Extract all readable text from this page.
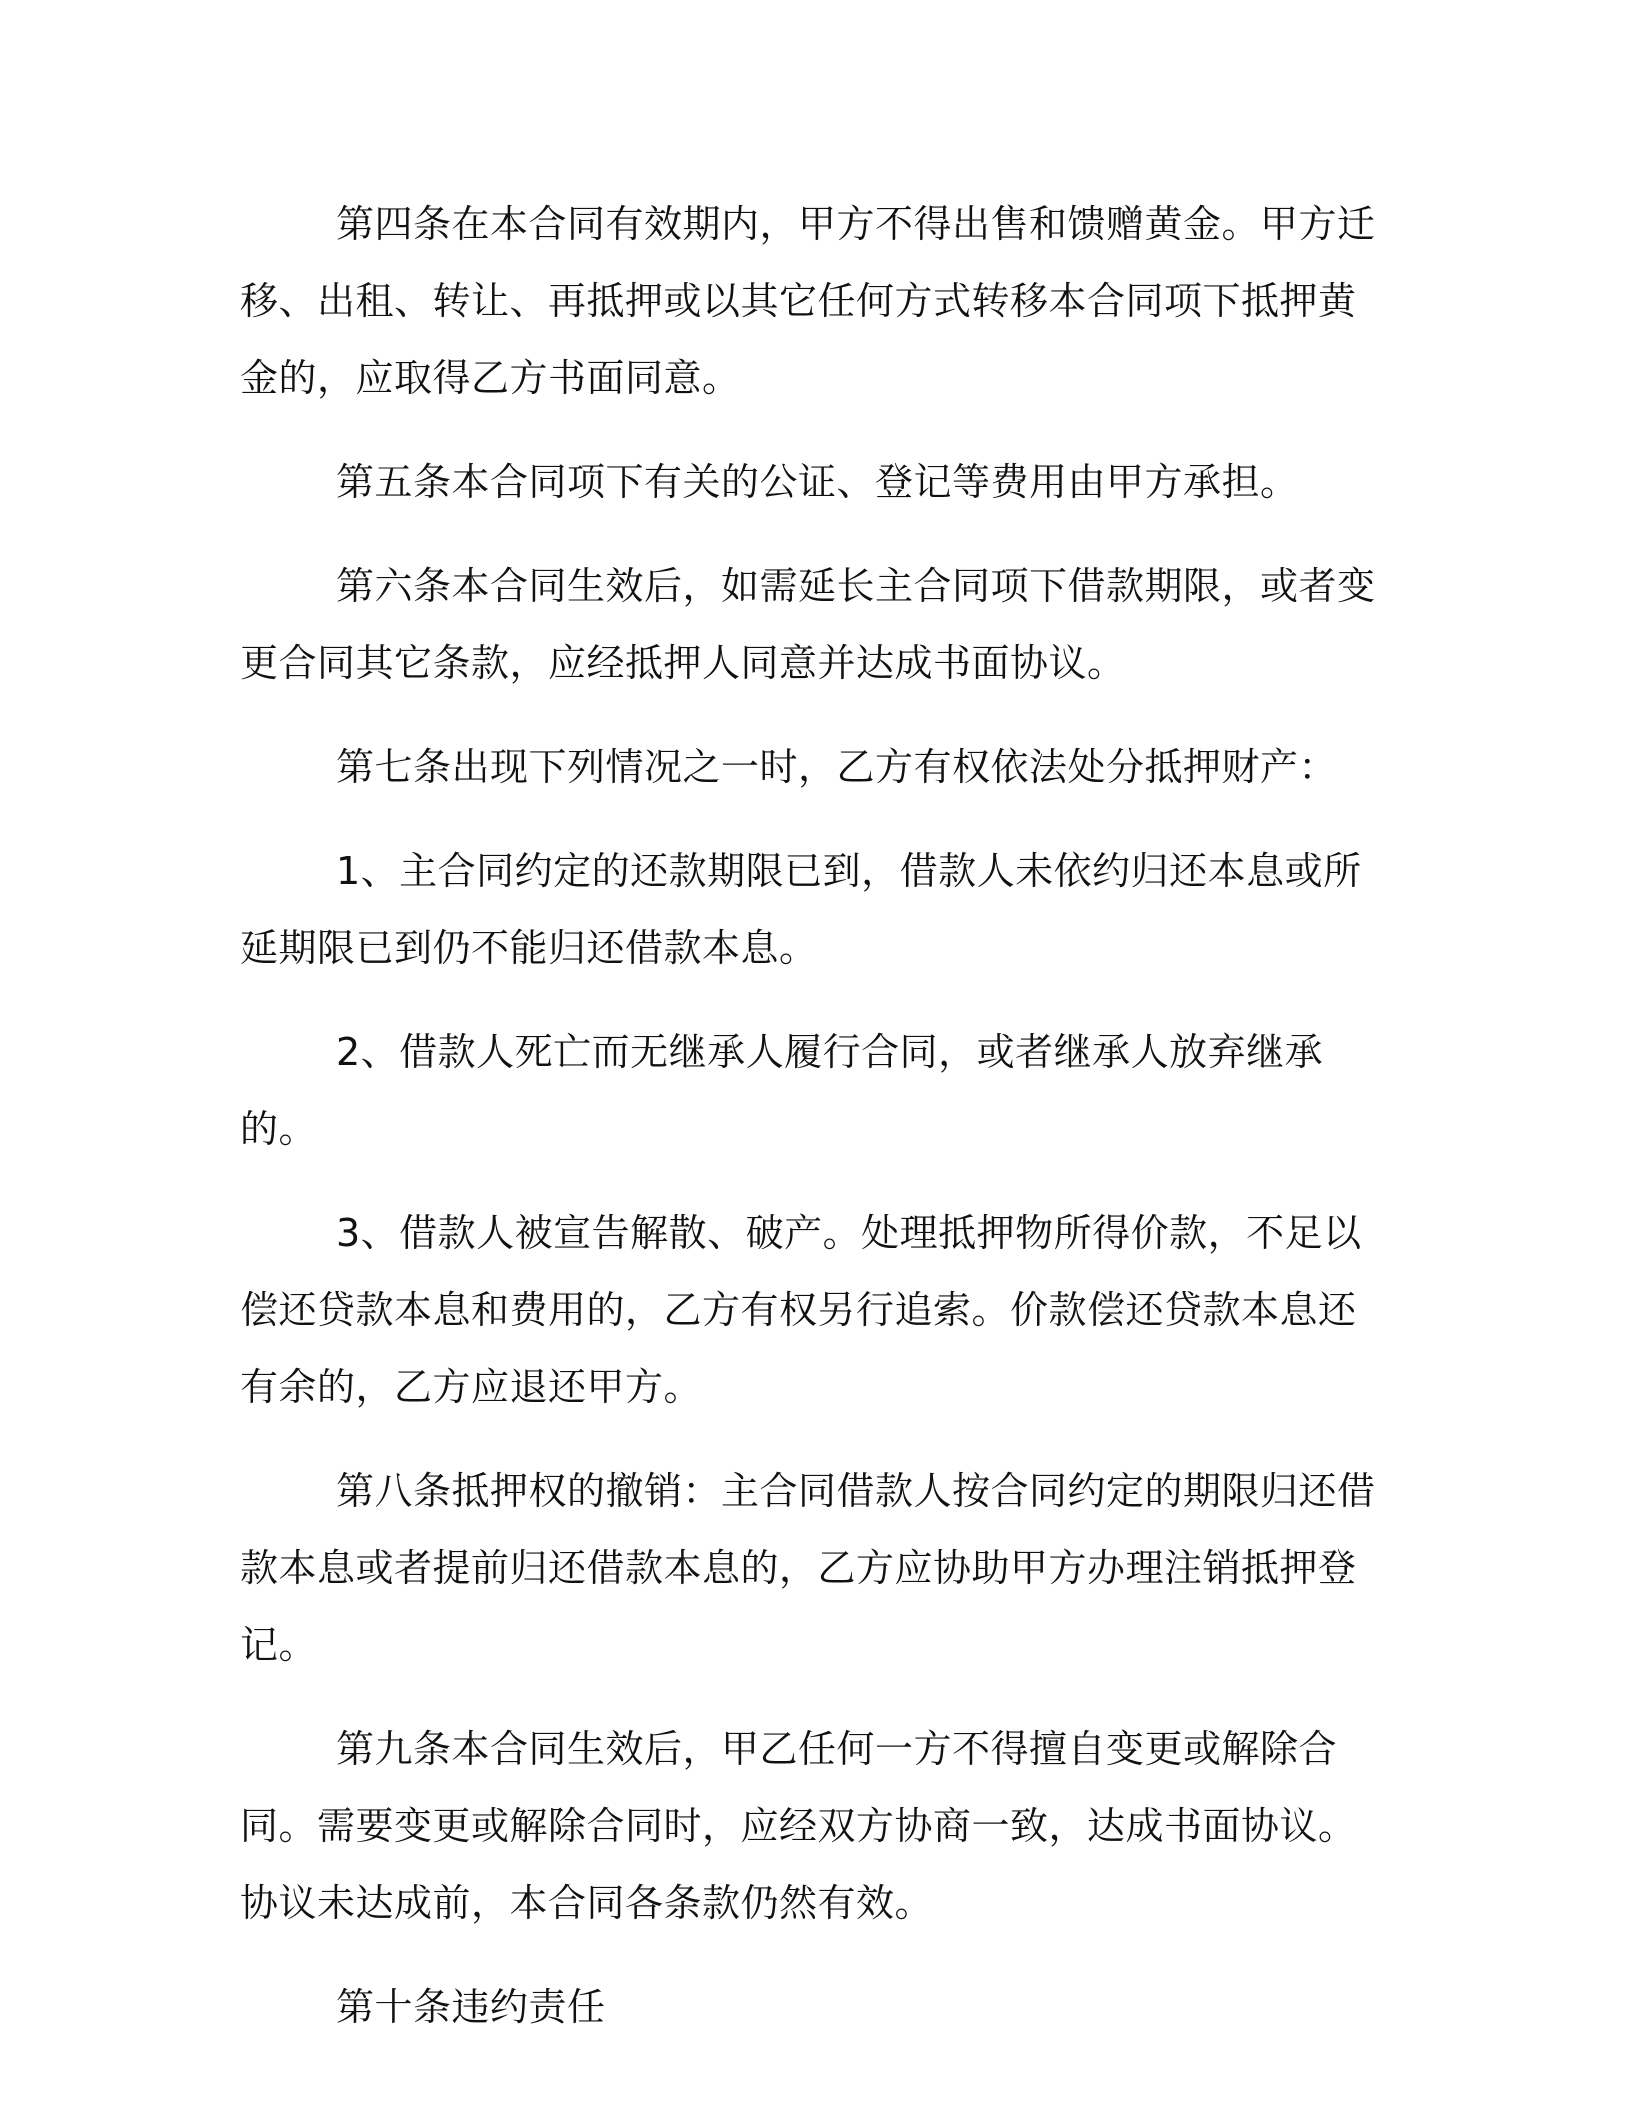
第四条在本合同有效期内，甲方不得出售和馈赠黄金。甲方迁移、出租、转让、再抵押或以其它任何方式转移本合同项下抵押黄金的，应取得乙方书面同意。

第五条本合同项下有关的公证、登记等费用由甲方承担。

第六条本合同生效后，如需延长主合同项下借款期限，或者变更合同其它条款，应经抵押人同意并达成书面协议。

第七条出现下列情况之一时，乙方有权依法处分抵押财产：

1、主合同约定的还款期限已到，借款人未依约归还本息或所延期限已到仍不能归还借款本息。

2、借款人死亡而无继承人履行合同，或者继承人放弃继承的。

3、借款人被宣告解散、破产。处理抵押物所得价款，不足以偿还贷款本息和费用的，乙方有权另行追索。价款偿还贷款本息还有余的，乙方应退还甲方。

第八条抵押权的撤销：主合同借款人按合同约定的期限归还借款本息或者提前归还借款本息的，乙方应协助甲方办理注销抵押登记。

第九条本合同生效后，甲乙任何一方不得擅自变更或解除合同。需要变更或解除合同时，应经双方协商一致，达成书面协议。协议未达成前，本合同各条款仍然有效。

第十条违约责任
